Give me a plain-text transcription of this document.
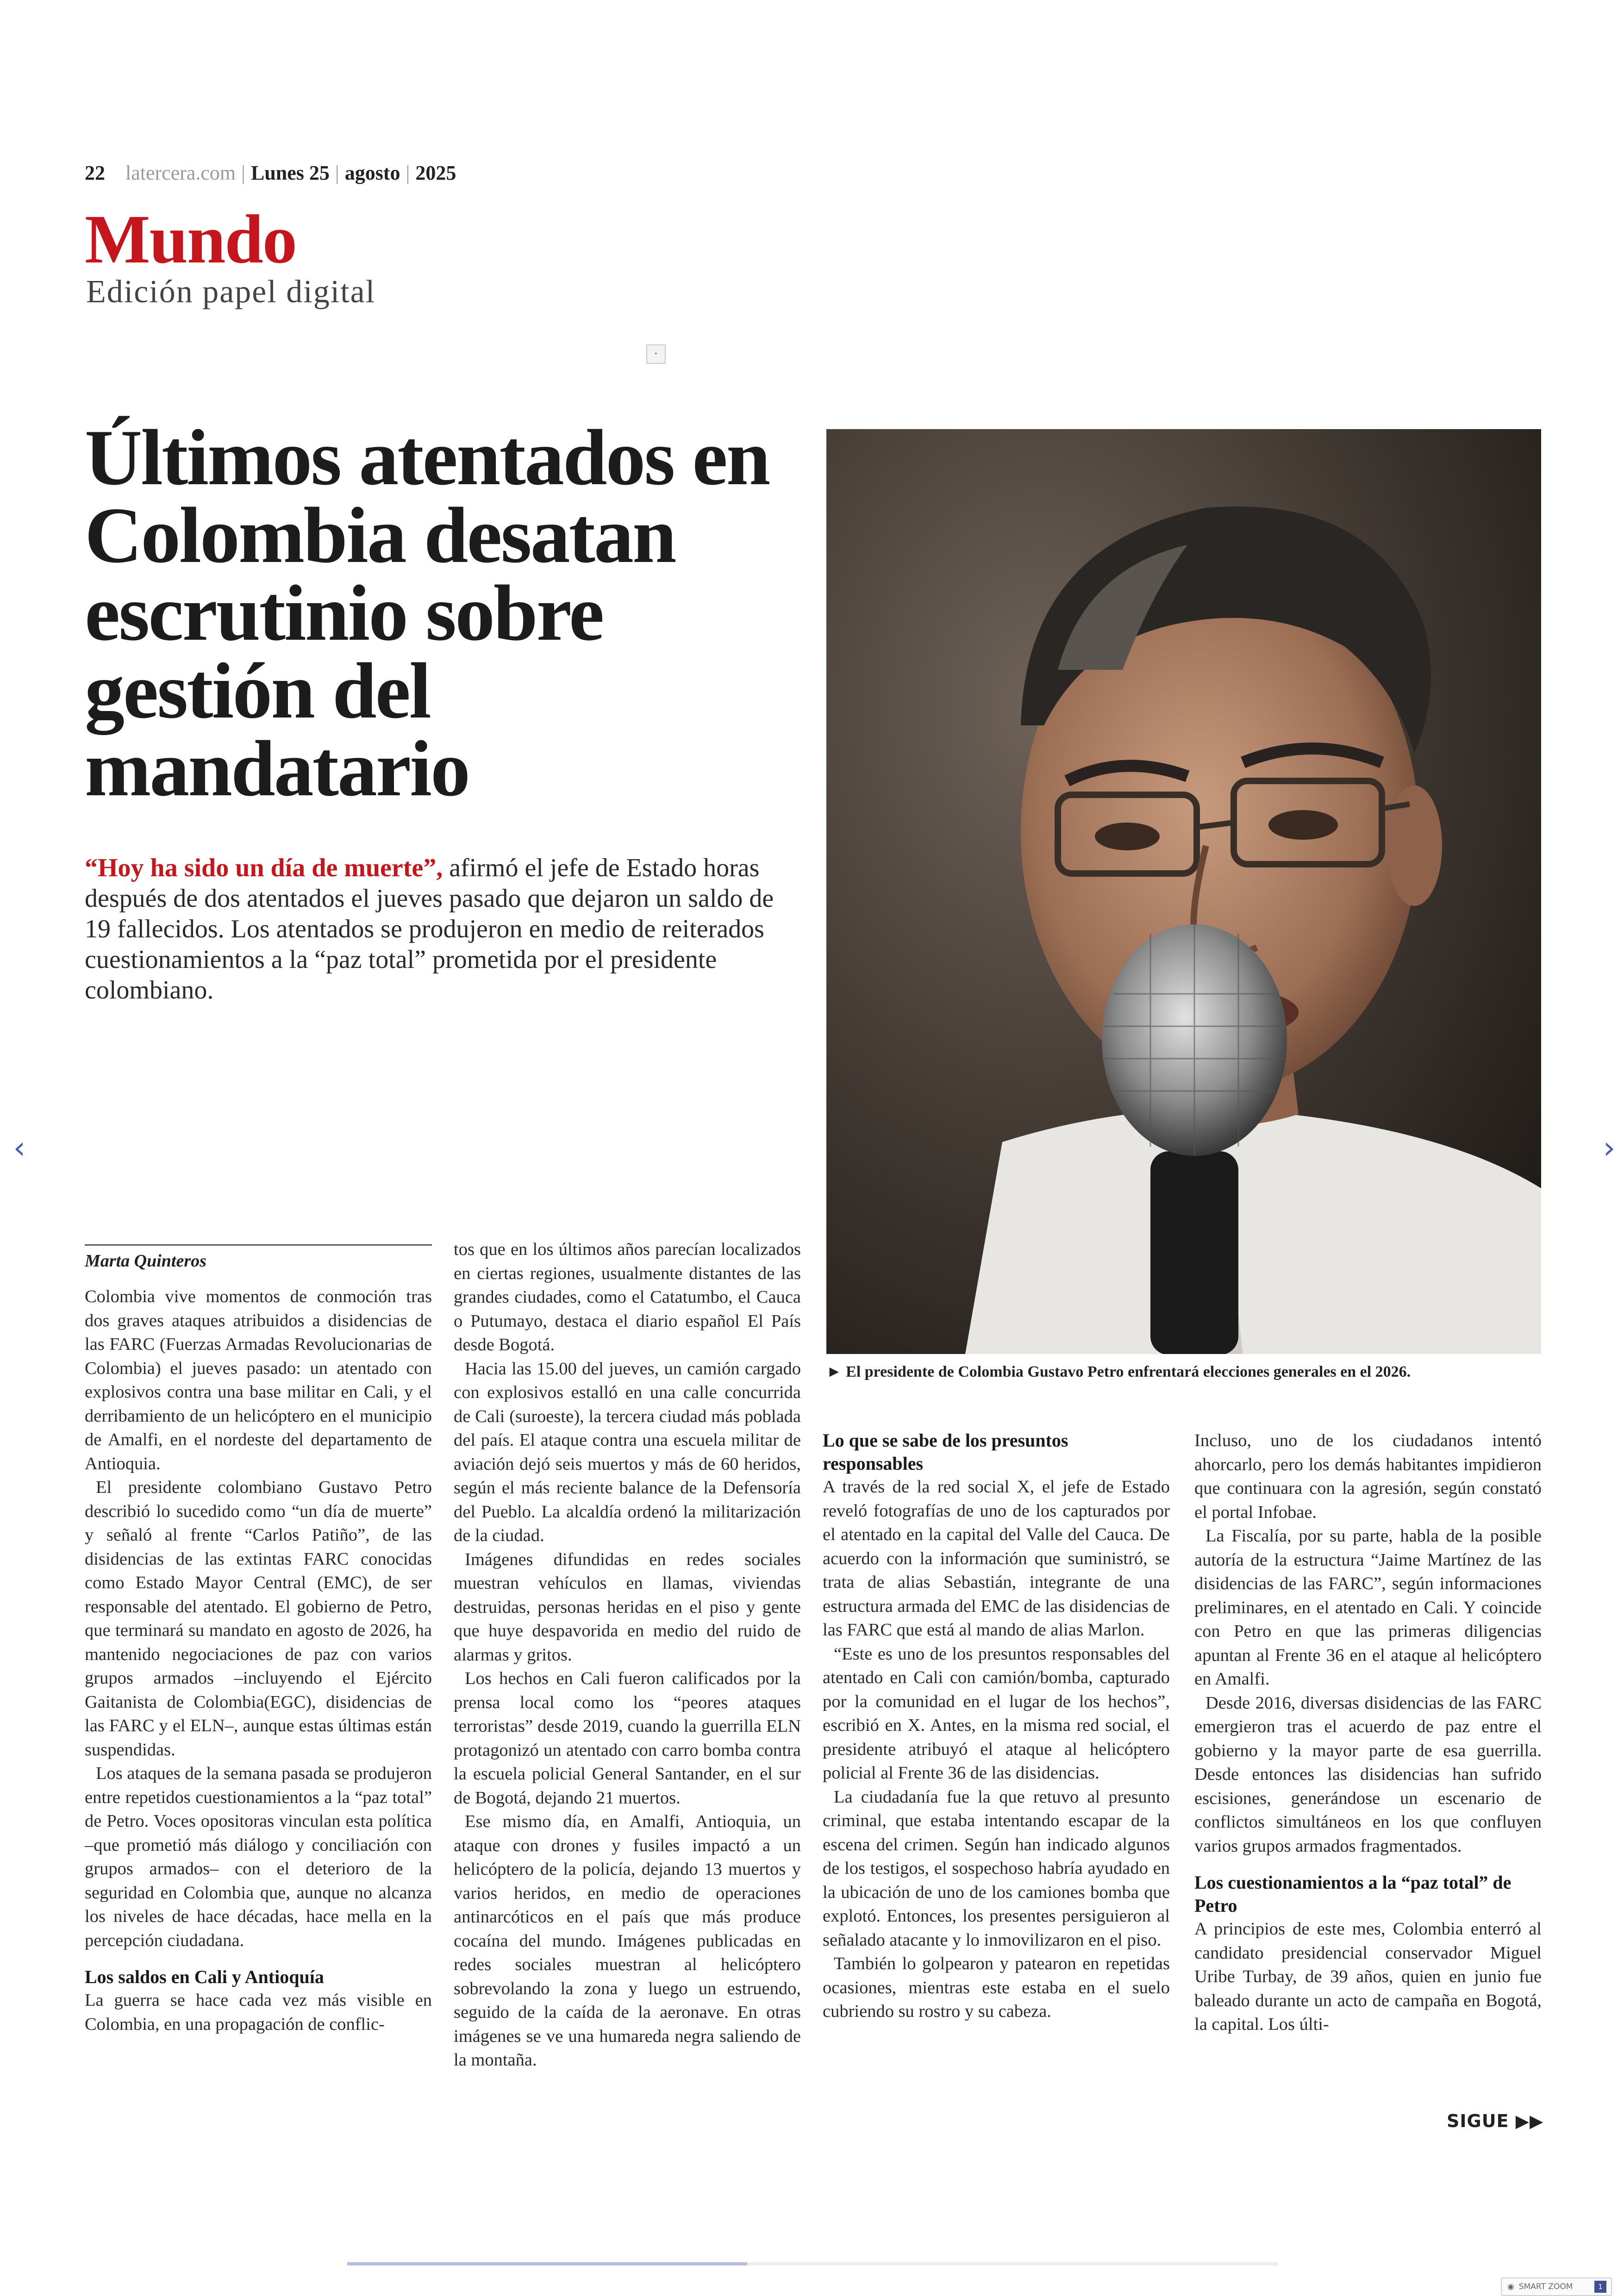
22 latercera.com | Lunes 25 | agosto | 2025
Mundo
Edición papel digital
▪
Últimos atentados en Colombia desatan escrutinio sobre gestión del mandatario
“Hoy ha sido un día de muerte”, afirmó el jefe de Estado horas después de dos atentados el jueves pasado que dejaron un saldo de 19 fallecidos. Los atentados se produjeron en medio de reiterados cuestionamientos a la “paz total” prometida por el presidente colombiano.
► El presidente de Colombia Gustavo Petro enfrentará elecciones generales en el 2026.
‹	›
Marta Quinteros

Colombia vive momentos de conmoción tras dos graves ataques atribuidos a disidencias de las FARC (Fuerzas Armadas Revolucionarias de Colombia) el jueves pasado: un atentado con explosivos contra una base militar en Cali, y el derribamiento de un helicóptero en el municipio de Amalfi, en el nordeste del departamento de Antioquia.

El presidente colombiano Gustavo Petro describió lo sucedido como “un día de muerte” y señaló al frente “Carlos Patiño”, de las disidencias de las extintas FARC conocidas como Estado Mayor Central (EMC), de ser responsable del atentado. El gobierno de Petro, que terminará su mandato en agosto de 2026, ha mantenido negociaciones de paz con varios grupos armados –incluyendo el Ejército Gaitanista de Colombia(EGC), disidencias de las FARC y el ELN–, aunque estas últimas están suspendidas.

Los ataques de la semana pasada se produjeron entre repetidos cuestionamientos a la “paz total” de Petro. Voces opositoras vinculan esta política –que prometió más diálogo y conciliación con grupos armados– con el deterioro de la seguridad en Colombia que, aunque no alcanza los niveles de hace décadas, hace mella en la percepción ciudadana.

Los saldos en Cali y Antioquía

La guerra se hace cada vez más visible en Colombia, en una propagación de conflic-

tos que en los últimos años parecían localizados en ciertas regiones, usualmente distantes de las grandes ciudades, como el Catatumbo, el Cauca o Putumayo, destaca el diario español El País desde Bogotá.

Hacia las 15.00 del jueves, un camión cargado con explosivos estalló en una calle concurrida de Cali (suroeste), la tercera ciudad más poblada del país. El ataque contra una escuela militar de aviación dejó seis muertos y más de 60 heridos, según el más reciente balance de la Defensoría del Pueblo. La alcaldía ordenó la militarización de la ciudad.

Imágenes difundidas en redes sociales muestran vehículos en llamas, viviendas destruidas, personas heridas en el piso y gente que huye despavorida en medio del ruido de alarmas y gritos.

Los hechos en Cali fueron calificados por la prensa local como los “peores ataques terroristas” desde 2019, cuando la guerrilla ELN protagonizó un atentado con carro bomba contra la escuela policial General Santander, en el sur de Bogotá, dejando 21 muertos.

Ese mismo día, en Amalfi, Antioquia, un ataque con drones y fusiles impactó a un helicóptero de la policía, dejando 13 muertos y varios heridos, en medio de operaciones antinarcóticos en el país que más produce cocaína del mundo. Imágenes publicadas en redes sociales muestran al helicóptero sobrevolando la zona y luego un estruendo, seguido de la caída de la aeronave. En otras imágenes se ve una humareda negra saliendo de la montaña.

Lo que se sabe de los presuntos responsables

A través de la red social X, el jefe de Estado reveló fotografías de uno de los capturados por el atentado en la capital del Valle del Cauca. De acuerdo con la información que suministró, se trata de alias Sebastián, integrante de una estructura armada del EMC de las disidencias de las FARC que está al mando de alias Marlon.

“Este es uno de los presuntos responsables del atentado en Cali con camión/bomba, capturado por la comunidad en el lugar de los hechos”, escribió en X. Antes, en la misma red social, el presidente atribuyó el ataque al helicóptero policial al Frente 36 de las disidencias.

La ciudadanía fue la que retuvo al presunto criminal, que estaba intentando escapar de la escena del crimen. Según han indicado algunos de los testigos, el sospechoso habría ayudado en la ubicación de uno de los camiones bomba que explotó. Entonces, los presentes persiguieron al señalado atacante y lo inmovilizaron en el piso.

También lo golpearon y patearon en repetidas ocasiones, mientras este estaba en el suelo cubriendo su rostro y su cabeza.

Incluso, uno de los ciudadanos intentó ahorcarlo, pero los demás habitantes impidieron que continuara con la agresión, según constató el portal Infobae.

La Fiscalía, por su parte, habla de la posible autoría de la estructura “Jaime Martínez de las disidencias de las FARC”, según informaciones preliminares, en el atentado en Cali. Y coincide con Petro en que las primeras diligencias apuntan al Frente 36 en el ataque al helicóptero en Amalfi.

Desde 2016, diversas disidencias de las FARC emergieron tras el acuerdo de paz entre el gobierno y la mayor parte de esa guerrilla. Desde entonces las disidencias han sufrido escisiones, generándose un escenario de conflictos simultáneos en los que confluyen varios grupos armados fragmentados.

Los cuestionamientos a la “paz total” de Petro

A principios de este mes, Colombia enterró al candidato presidencial conservador Miguel Uribe Turbay, de 39 años, quien en junio fue baleado durante un acto de campaña en Bogotá, la capital. Los últi-

SIGUE ▶▶
◉ SMART ZOOM	1
